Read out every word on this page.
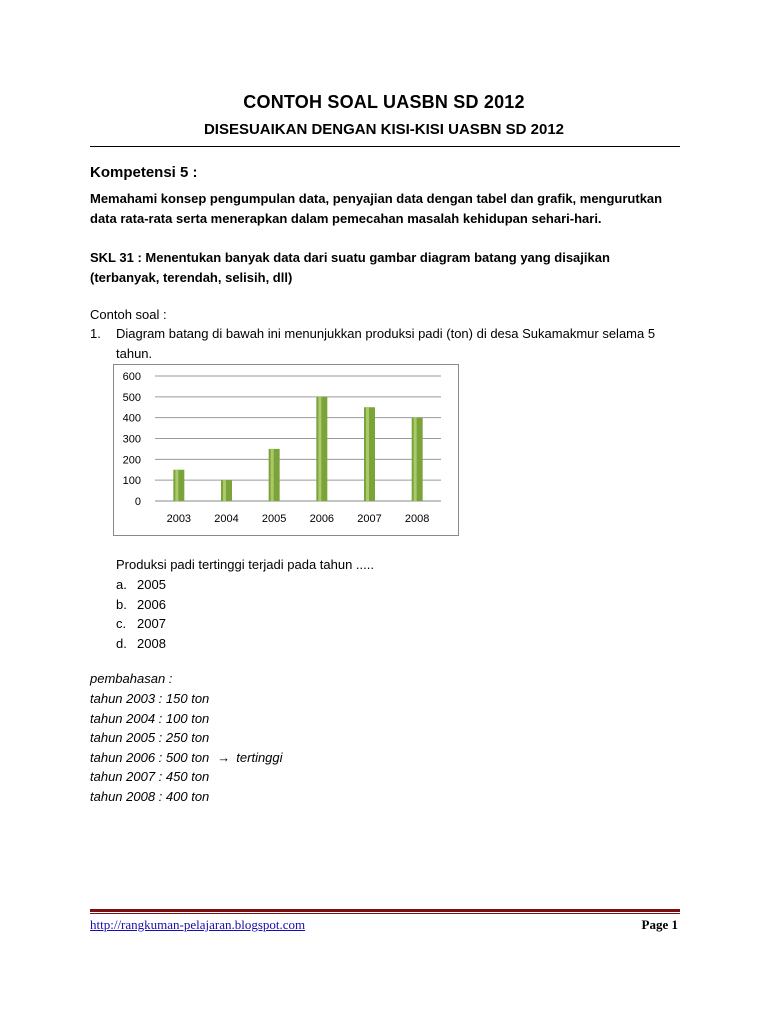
CONTOH SOAL UASBN SD 2012
DISESUAIKAN DENGAN KISI-KISI UASBN SD 2012
Kompetensi 5 :
Memahami konsep pengumpulan data, penyajian data dengan tabel dan grafik, mengurutkan data rata-rata serta menerapkan dalam pemecahan masalah kehidupan sehari-hari.
SKL 31 : Menentukan banyak data dari suatu gambar diagram batang yang disajikan (terbanyak, terendah, selisih, dll)
Contoh soal :
1. Diagram batang di bawah ini menunjukkan produksi padi (ton) di desa Sukamakmur selama 5 tahun.
0
100
200
300
400
500
600
2003 2004 2005 2006 2007 2008
Produksi padi tertinggi terjadi pada tahun .....
a. 2005
b. 2006
c. 2007
d. 2008
pembahasan :
tahun 2003 : 150 ton
tahun 2004 : 100 ton
tahun 2005 : 250 ton
tahun 2006 : 500 ton → tertinggi
tahun 2007 : 450 ton
tahun 2008 : 400 ton
http://rangkuman-pelajaran.blogspot.com	Page 1
